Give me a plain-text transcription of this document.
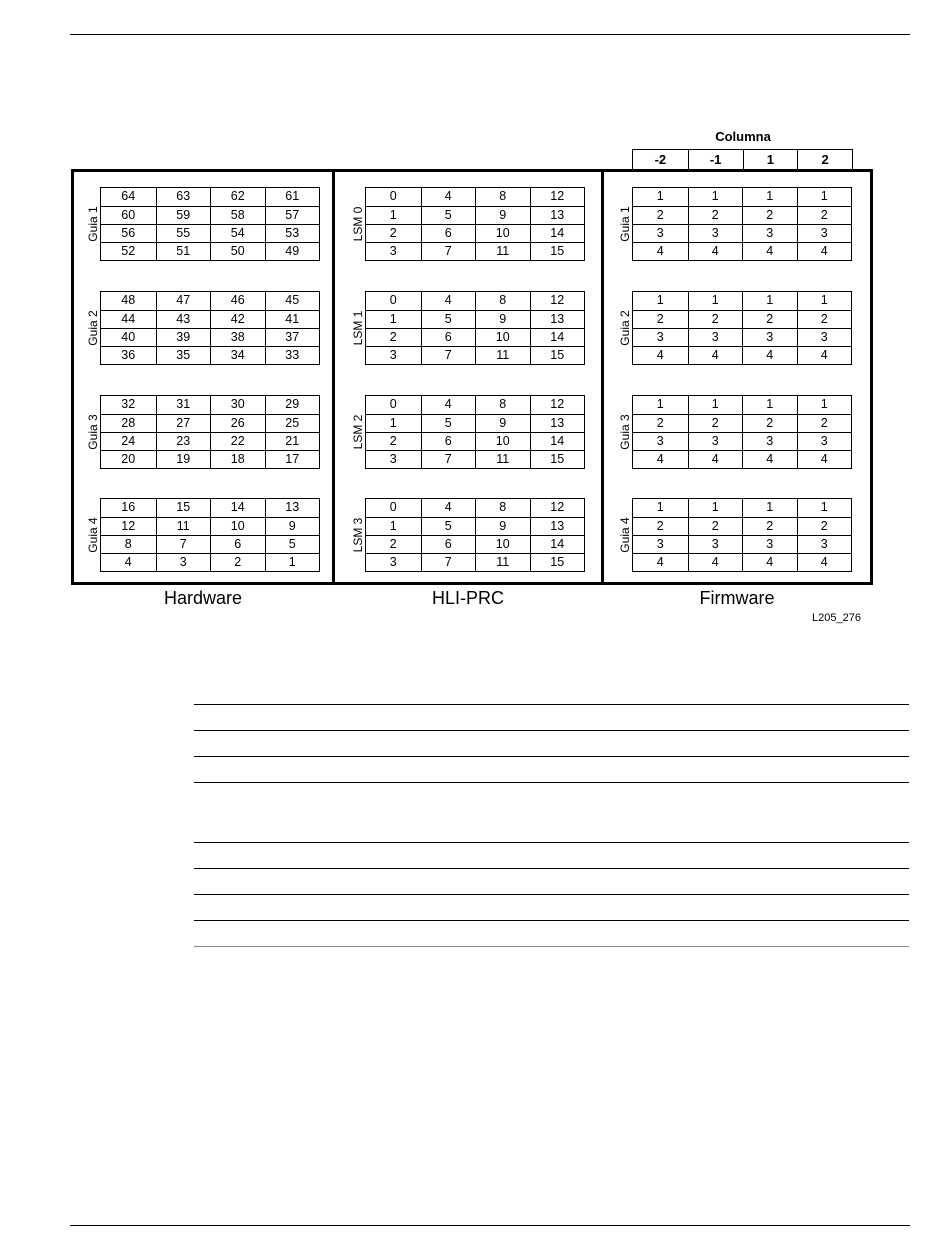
Columna
-2	-1	1	2
Guia 1
64	63	62	61
60	59	58	57
56	55	54	53
52	51	50	49
Guia 2
48	47	46	45
44	43	42	41
40	39	38	37
36	35	34	33
Guia 3
32	31	30	29
28	27	26	25
24	23	22	21
20	19	18	17
Guia 4
16	15	14	13
12	11	10	9
8	7	6	5
4	3	2	1
LSM 0
0	4	8	12
1	5	9	13
2	6	10	14
3	7	11	15
LSM 1
0	4	8	12
1	5	9	13
2	6	10	14
3	7	11	15
LSM 2
0	4	8	12
1	5	9	13
2	6	10	14
3	7	11	15
LSM 3
0	4	8	12
1	5	9	13
2	6	10	14
3	7	11	15
Guia 1
1	1	1	1
2	2	2	2
3	3	3	3
4	4	4	4
Guia 2
1	1	1	1
2	2	2	2
3	3	3	3
4	4	4	4
Guia 3
1	1	1	1
2	2	2	2
3	3	3	3
4	4	4	4
Guia 4
1	1	1	1
2	2	2	2
3	3	3	3
4	4	4	4
Hardware	HLI-PRC	Firmware
L205_276
